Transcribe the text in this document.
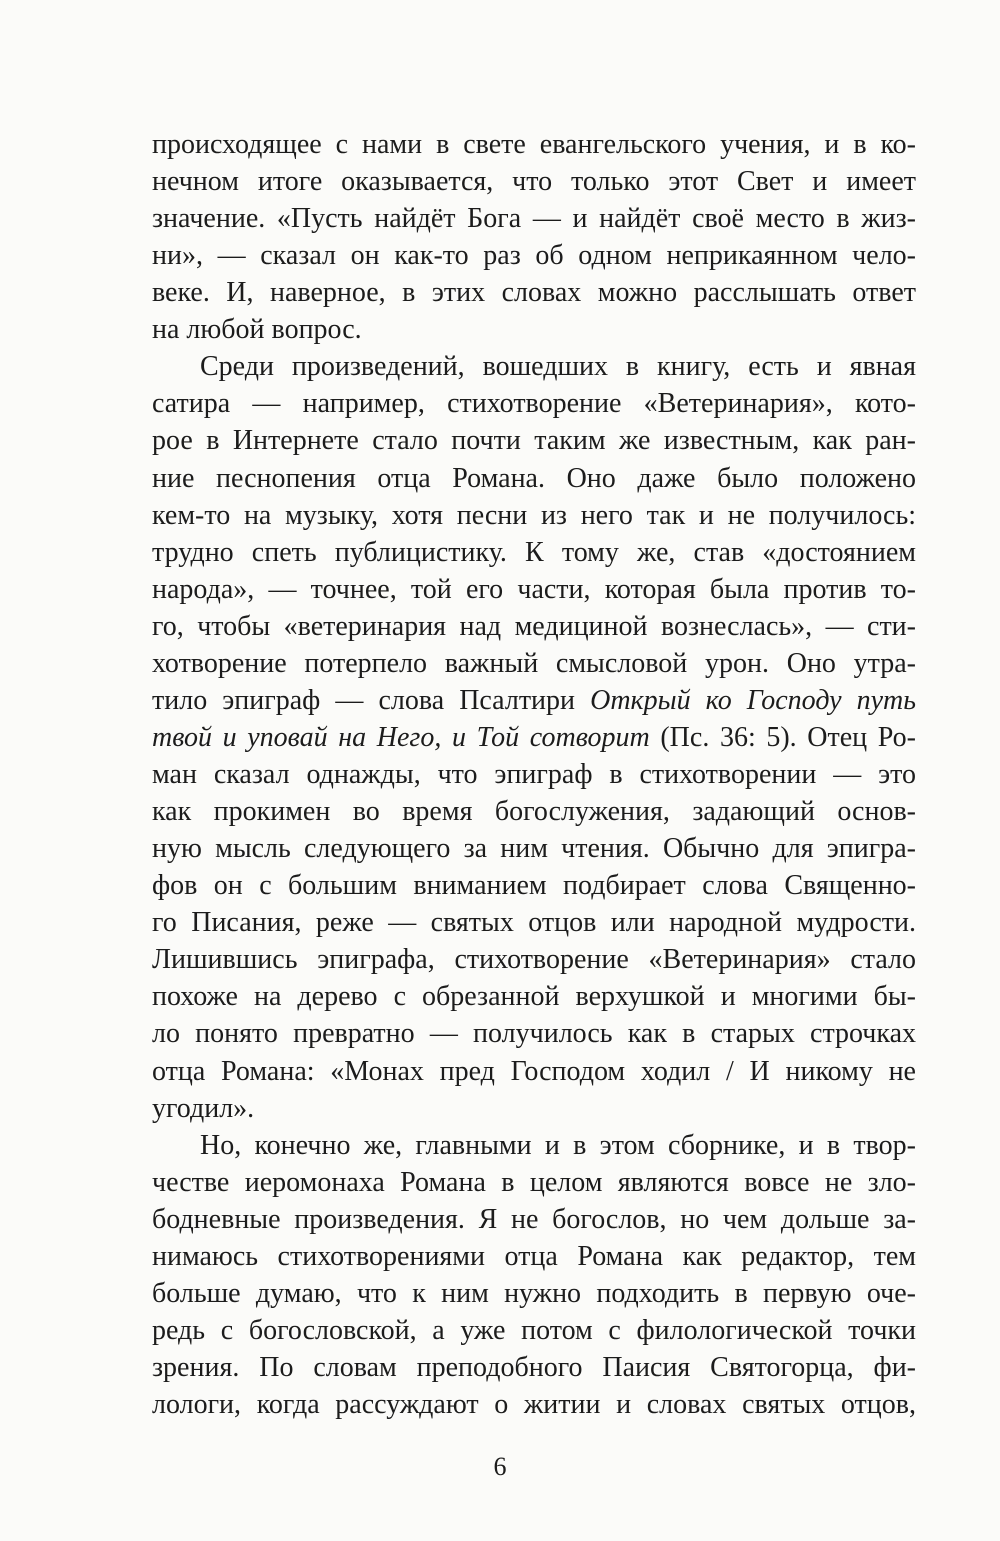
происходящее с нами в свете евангельского учения, и в ко-
нечном итоге оказывается, что только этот Свет и имеет
значение. «Пусть найдёт Бога — и найдёт своё место в жиз-
ни», — сказал он как-то раз об одном неприкаянном чело-
веке. И, наверное, в этих словах можно расслышать ответ
на любой вопрос.
Среди произведений, вошедших в книгу, есть и явная
сатира — например, стихотворение «Ветеринария», кото-
рое в Интернете стало почти таким же известным, как ран-
ние песнопения отца Романа. Оно даже было положено
кем-то на музыку, хотя песни из него так и не получилось:
трудно спеть публицистику. К тому же, став «достоянием
народа», — точнее, той его части, которая была против то-
го, чтобы «ветеринария над медициной вознеслась», — сти-
хотворение потерпело важный смысловой урон. Оно утра-
тило эпиграф — слова Псалтири Открый ко Господу путь
твой и уповай на Него, и Той сотворит (Пс. 36: 5). Отец Ро-
ман сказал однажды, что эпиграф в стихотворении — это
как прокимен во время богослужения, задающий основ-
ную мысль следующего за ним чтения. Обычно для эпигра-
фов он с большим вниманием подбирает слова Священно-
го Писания, реже — святых отцов или народной мудрости.
Лишившись эпиграфа, стихотворение «Ветеринария» стало
похоже на дерево с обрезанной верхушкой и многими бы-
ло понято превратно — получилось как в старых строчках
отца Романа: «Монах пред Господом ходил / И никому не
угодил».
Но, конечно же, главными и в этом сборнике, и в твор-
честве иеромонаха Романа в целом являются вовсе не зло-
бодневные произведения. Я не богослов, но чем дольше за-
нимаюсь стихотворениями отца Романа как редактор, тем
больше думаю, что к ним нужно подходить в первую оче-
редь с богословской, а уже потом с филологической точки
зрения. По словам преподобного Паисия Святогорца, фи-
лологи, когда рассуждают о житии и словах святых отцов,
6
